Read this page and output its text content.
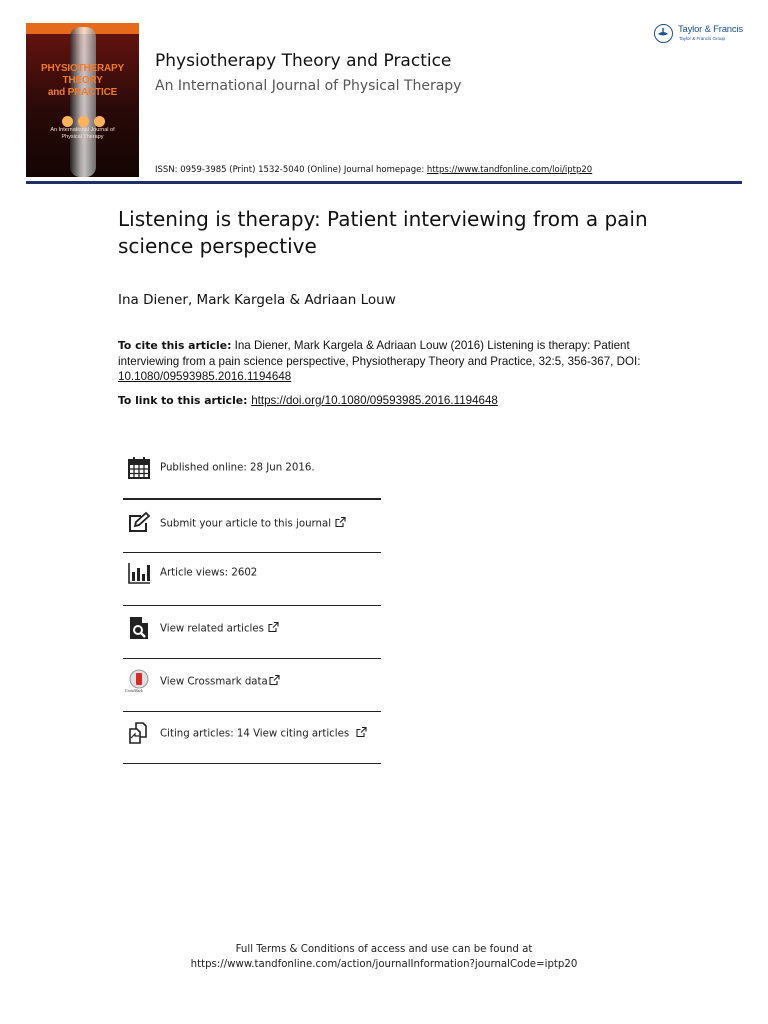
PHYSIOTHERAPY THEORY
and PRACTICE
An International Journal of
Physical Therapy
Physiotherapy Theory and Practice
An International Journal of Physical Therapy
Taylor & Francis
Taylor & Francis Group
ISSN: 0959-3985 (Print) 1532-5040 (Online) Journal homepage: https://www.tandfonline.com/loi/iptp20
Listening is therapy: Patient interviewing from a pain science perspective
Ina Diener, Mark Kargela & Adriaan Louw
To cite this article: Ina Diener, Mark Kargela & Adriaan Louw (2016) Listening is therapy: Patient interviewing from a pain science perspective, Physiotherapy Theory and Practice, 32:5, 356-367, DOI: 10.1080/09593985.2016.1194648
To link to this article: https://doi.org/10.1080/09593985.2016.1194648
Published online: 28 Jun 2016.
Submit your article to this journal
Article views: 2602
View related articles
CrossMark
View Crossmark data
Citing articles: 14 View citing articles
Full Terms & Conditions of access and use can be found at
https://www.tandfonline.com/action/journalInformation?journalCode=iptp20
